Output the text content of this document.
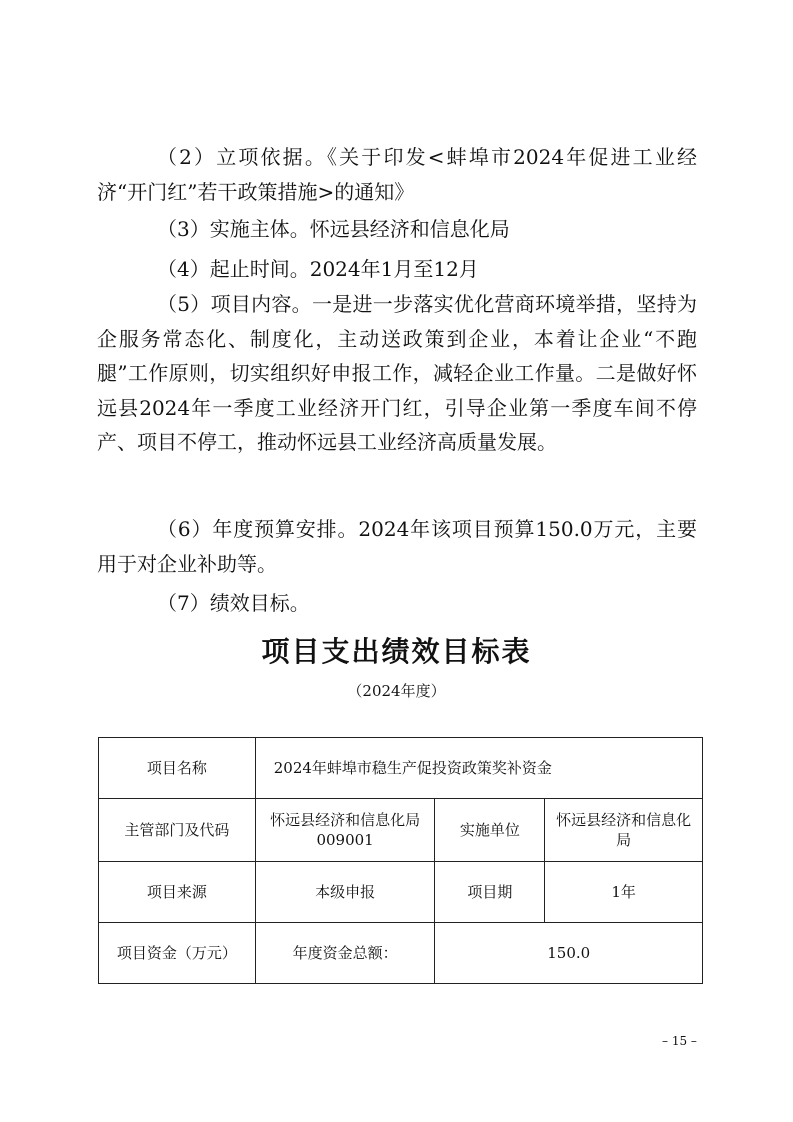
（2）立项依据。《关于印发<蚌埠市2024年促进工业经济“开门红”若干政策措施>的通知》

（3）实施主体。怀远县经济和信息化局

（4）起止时间。2024年1月至12月

（5）项目内容。一是进一步落实优化营商环境举措，坚持为企服务常态化、制度化，主动送政策到企业，本着让企业“不跑腿”工作原则，切实组织好申报工作，减轻企业工作量。二是做好怀远县2024年一季度工业经济开门红，引导企业第一季度车间不停产、项目不停工，推动怀远县工业经济高质量发展。

（6）年度预算安排。2024年该项目预算150.0万元，主要用于对企业补助等。

（7）绩效目标。

项目支出绩效目标表

（2024年度）

项目名称	2024年蚌埠市稳生产促投资政策奖补资金		
主管部门及代码	怀远县经济和信息化局009001	实施单位	怀远县经济和信息化局
项目来源	本级申报	项目期	1年
项目资金（万元）	年度资金总额：	150.0	
– 15 –
